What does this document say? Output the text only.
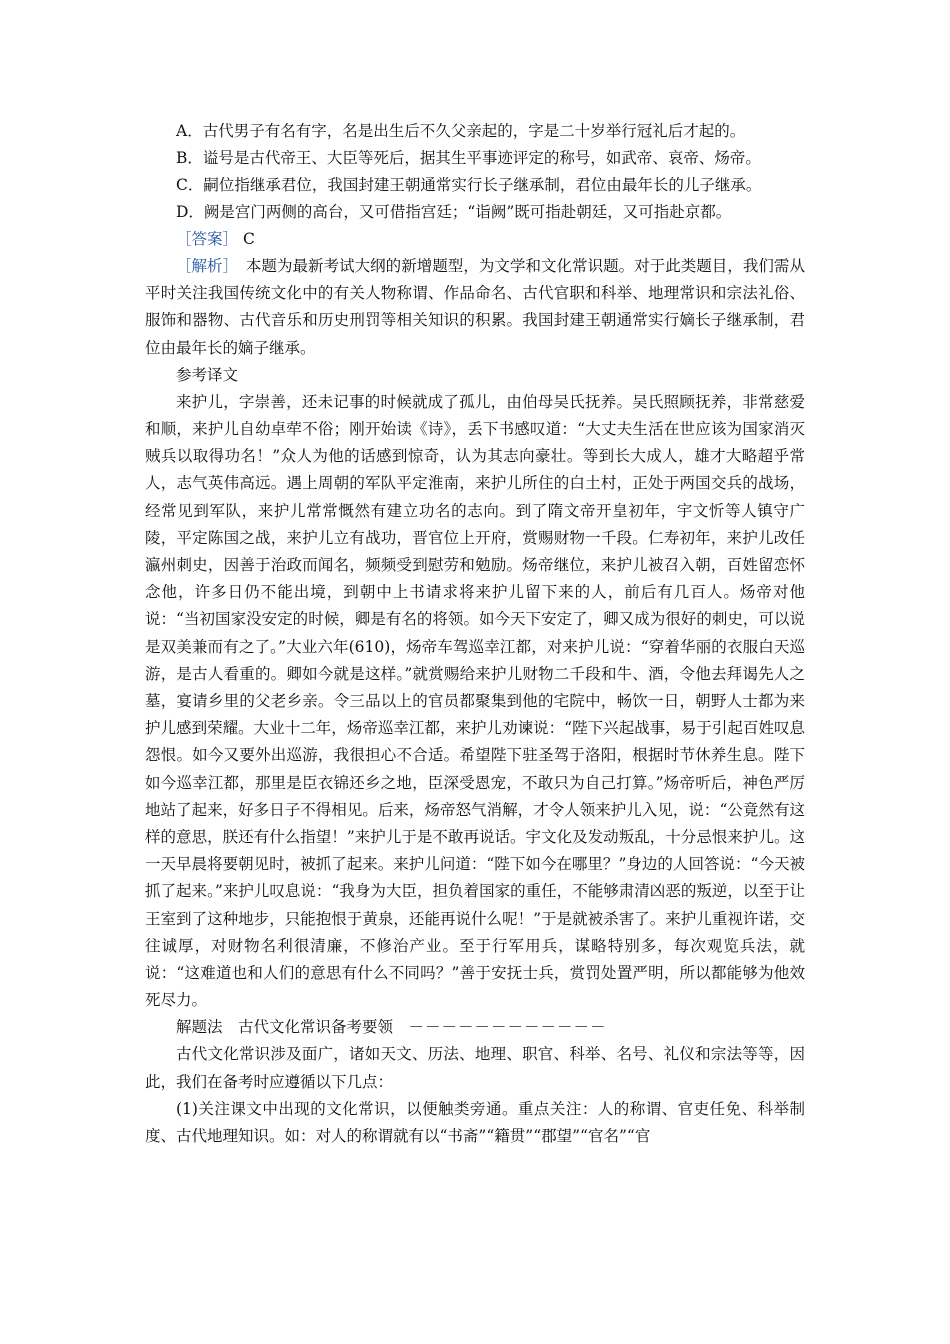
A．古代男子有名有字，名是出生后不久父亲起的，字是二十岁举行冠礼后才起的。
B．谥号是古代帝王、大臣等死后，据其生平事迹评定的称号，如武帝、哀帝、炀帝。
C．嗣位指继承君位，我国封建王朝通常实行长子继承制，君位由最年长的儿子继承。
D．阙是宫门两侧的高台，又可借指宫廷；“诣阙”既可指赴朝廷，又可指赴京都。
［答案］ C

［解析］　 本题为最新考试大纲的新增题型，为文学和文化常识题。对于此类题目，我们需从平时关注我国传统文化中的有关人物称谓、作品命名、古代官职和科举、地理常识和宗法礼俗、服饰和器物、古代音乐和历史刑罚等相关知识的积累。我国封建王朝通常实行嫡长子继承制，君位由最年长的嫡子继承。

参考译文

来护儿，字崇善，还未记事的时候就成了孤儿，由伯母吴氏抚养。吴氏照顾抚养，非常慈爱和顺，来护儿自幼卓荦不俗；刚开始读《诗》，丢下书感叹道：“大丈夫生活在世应该为国家消灭贼兵以取得功名！”众人为他的话感到惊奇，认为其志向豪壮。等到长大成人，雄才大略超乎常人，志气英伟高远。遇上周朝的军队平定淮南，来护儿所住的白土村，正处于两国交兵的战场，经常见到军队，来护儿常常慨然有建立功名的志向。到了隋文帝开皇初年，宇文忻等人镇守广陵，平定陈国之战，来护儿立有战功，晋官位上开府，赏赐财物一千段。仁寿初年，来护儿改任瀛州刺史，因善于治政而闻名，频频受到慰劳和勉励。炀帝继位，来护儿被召入朝，百姓留恋怀念他，许多日仍不能出境，到朝中上书请求将来护儿留下来的人，前后有几百人。炀帝对他说：“当初国家没安定的时候，卿是有名的将领。如今天下安定了，卿又成为很好的刺史，可以说是双美兼而有之了。”大业六年(610)，炀帝车驾巡幸江都，对来护儿说：“穿着华丽的衣服白天巡游，是古人看重的。卿如今就是这样。”就赏赐给来护儿财物二千段和牛、酒，令他去拜谒先人之墓，宴请乡里的父老乡亲。令三品以上的官员都聚集到他的宅院中，畅饮一日，朝野人士都为来护儿感到荣耀。大业十二年，炀帝巡幸江都，来护儿劝谏说：“陛下兴起战事，易于引起百姓叹息怨恨。如今又要外出巡游，我很担心不合适。希望陛下驻圣驾于洛阳，根据时节休养生息。陛下如今巡幸江都，那里是臣衣锦还乡之地，臣深受恩宠，不敢只为自己打算。”炀帝听后，神色严厉地站了起来，好多日子不得相见。后来，炀帝怒气消解，才令人领来护儿入见，说：“公竟然有这样的意思，朕还有什么指望！”来护儿于是不敢再说话。宇文化及发动叛乱，十分忌恨来护儿。这一天早晨将要朝见时，被抓了起来。来护儿问道：“陛下如今在哪里？”身边的人回答说：“今天被抓了起来。”来护儿叹息说：“我身为大臣，担负着国家的重任，不能够肃清凶恶的叛逆，以至于让王室到了这种地步，只能抱恨于黄泉，还能再说什么呢！”于是就被杀害了。来护儿重视许诺，交往诚厚，对财物名利很清廉，不修治产业。至于行军用兵，谋略特别多，每次观览兵法，就说：“这难道也和人们的意思有什么不同吗？”善于安抚士兵，赏罚处置严明，所以都能够为他效死尽力。

解题法　古代文化常识备考要领　 －－－－－－－－－－－－

古代文化常识涉及面广，诸如天文、历法、地理、职官、科举、名号、礼仪和宗法等等，因此，我们在备考时应遵循以下几点：

(1)关注课文中出现的文化常识，以便触类旁通。重点关注：人的称谓、官吏任免、科举制度、古代地理知识。如：对人的称谓就有以“书斋”“籍贯”“郡望”“官名”“官
